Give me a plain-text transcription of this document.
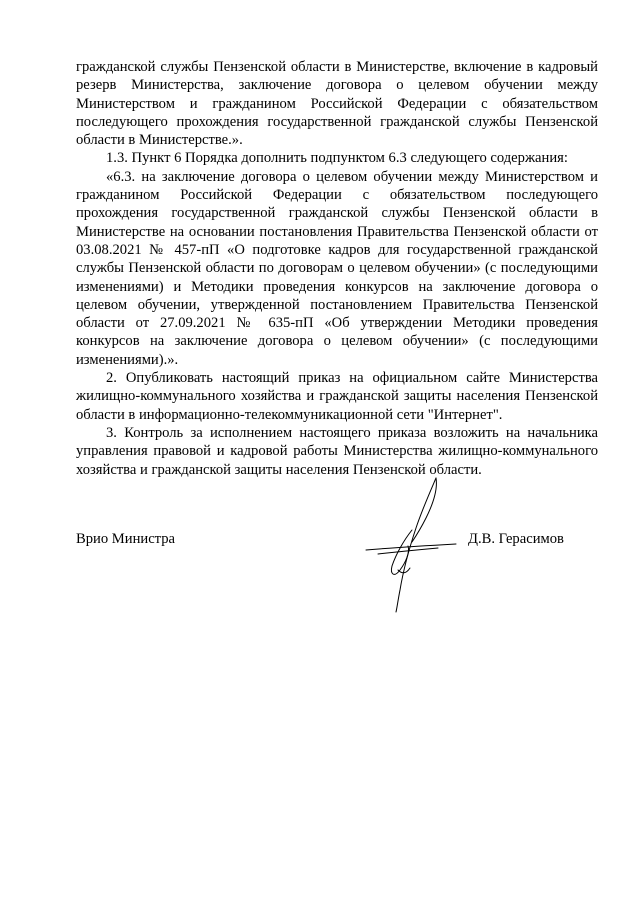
гражданской службы Пензенской области в Министерстве, включение в кадровый резерв Министерства, заключение договора о целевом обучении между Министерством и гражданином Российской Федерации с обязательством последующего прохождения государственной гражданской службы Пензенской области в Министерстве.».

1.3. Пункт 6 Порядка дополнить подпунктом 6.3 следующего содержания:

«6.3. на заключение договора о целевом обучении между Министерством и гражданином Российской Федерации с обязательством последующего прохождения государственной гражданской службы Пензенской области в Министерстве на основании постановления Правительства Пензенской области от 03.08.2021 № 457-пП «О подготовке кадров для государственной гражданской службы Пензенской области по договорам о целевом обучении» (с последующими изменениями) и Методики проведения конкурсов на заключение договора о целевом обучении, утвержденной постановлением Правительства Пензенской области от 27.09.2021 № 635-пП «Об утверждении Методики проведения конкурсов на заключение договора о целевом обучении» (с последующими изменениями).».

2. Опубликовать настоящий приказ на официальном сайте Министерства жилищно-коммунального хозяйства и гражданской защиты населения Пензенской области в информационно-телекоммуникационной сети "Интернет".

3. Контроль за исполнением настоящего приказа возложить на начальника управления правовой и кадровой работы Министерства жилищно-коммунального хозяйства и гражданской защиты населения Пензенской области.

Врио Министра	Д.В. Герасимов
